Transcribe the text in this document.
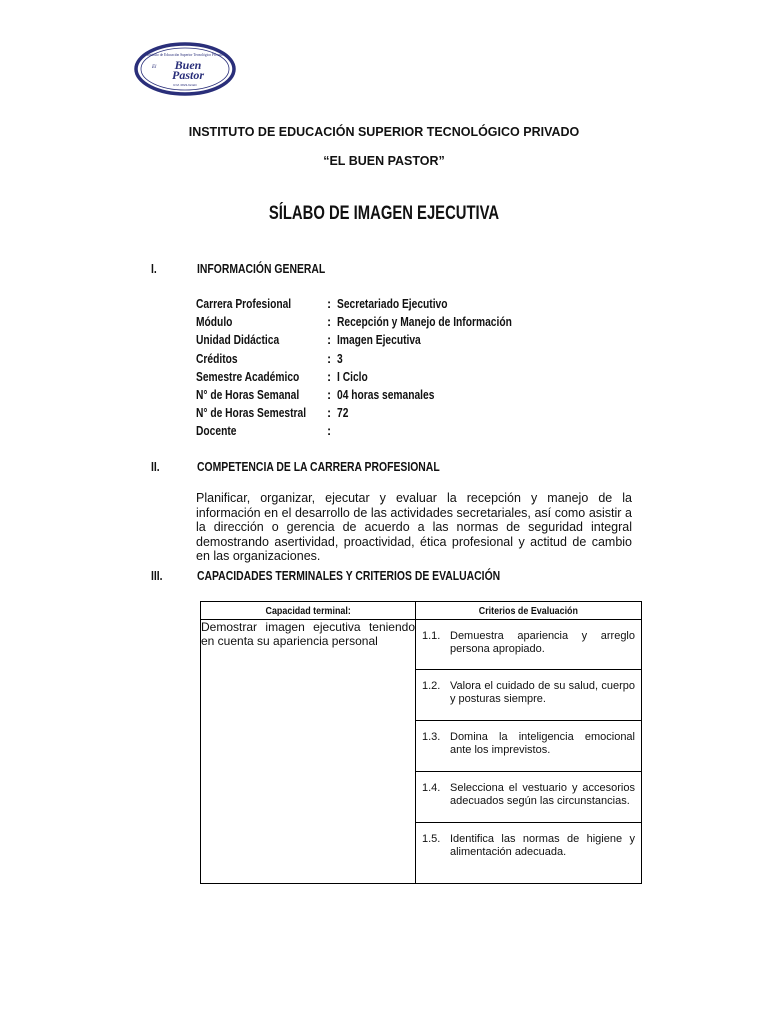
Instituto de Educación Superior Tecnológico Privado
El Buen
Pastor
R.M. 0823-92-ED
INSTITUTO DE EDUCACIÓN SUPERIOR TECNOLÓGICO PRIVADO
“EL BUEN PASTOR”
SÍLABO DE IMAGEN EJECUTIVA
I.	INFORMACIÓN GENERAL
Carrera Profesional	: Secretariado Ejecutivo
Módulo	: Recepción y Manejo de Información
Unidad Didáctica	: Imagen Ejecutiva
Créditos	: 3
Semestre Académico : I Ciclo
N° de Horas Semanal : 04 horas semanales
N° de Horas Semestral : 72
Docente	:
II.	COMPETENCIA DE LA CARRERA PROFESIONAL
Planificar, organizar, ejecutar y evaluar la recepción y manejo de la información en el desarrollo de las actividades secretariales, así como asistir a la dirección o gerencia de acuerdo a las normas de seguridad integral demostrando asertividad, proactividad, ética profesional y actitud de cambio en las organizaciones.
III.	CAPACIDADES TERMINALES Y CRITERIOS DE EVALUACIÓN
Capacidad terminal:	Criterios de Evaluación
Demostrar imagen ejecutiva teniendo en cuenta su apariencia personal	1.1. Demuestra apariencia y arreglo persona apropiado.

	1.2. Valora el cuidado de su salud, cuerpo y posturas siempre.

	1.3. Domina la inteligencia emocional ante los imprevistos.

	1.4. Selecciona el vestuario y accesorios adecuados según las circunstancias.

	1.5. Identifica las normas de higiene y alimentación adecuada.
